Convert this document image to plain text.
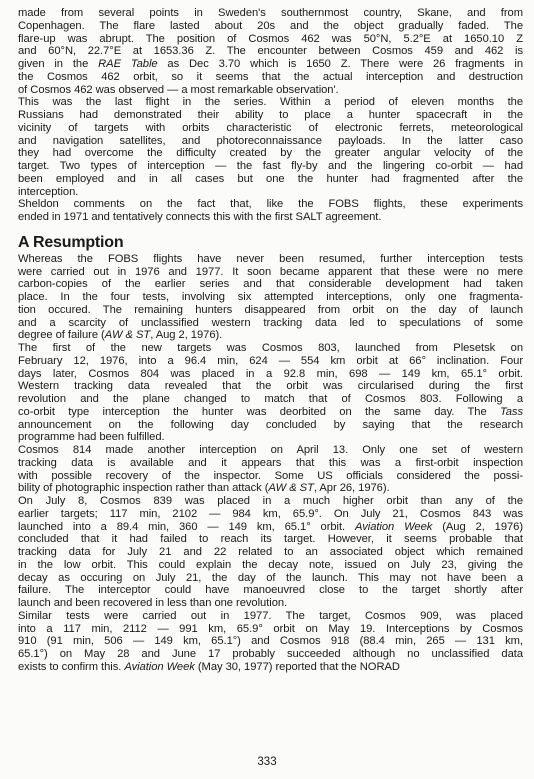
made from several points in Sweden's southernmost country, Skane, and from
Copenhagen. The flare lasted about 20s and the object gradually faded. The
flare-up was abrupt. The position of Cosmos 462 was 50°N, 5.2°E at 1650.10 Z
and 60°N, 22.7°E at 1653.36 Z. The encounter between Cosmos 459 and 462 is
given in the RAE Table as Dec 3.70 which is 1650 Z. There were 26 fragments in
the Cosmos 462 orbit, so it seems that the actual interception and destruction
of Cosmos 462 was observed — a most remarkable observation'.

This was the last flight in the series. Within a period of eleven months the
Russians had demonstrated their ability to place a hunter spacecraft in the
vicinity of targets with orbits characteristic of electronic ferrets, meteorological
and navigation satellites, and photoreconnaissance payloads. In the latter caso
they had overcome the difficulty created by the greater angular velocity of the
target. Two types of interception — the fast fly-by and the lingering co-orbit — had
been employed and in all cases but one the hunter had fragmented after the
interception.

Sheldon comments on the fact that, like the FOBS flights, these experiments
ended in 1971 and tentatively connects this with the first SALT agreement.

A Resumption

Whereas the FOBS flights have never been resumed, further interception tests
were carried out in 1976 and 1977. It soon became apparent that these were no mere
carbon-copies of the earlier series and that considerable development had taken
place. In the four tests, involving six attempted interceptions, only one fragmenta-
tion occured. The remaining hunters disappeared from orbit on the day of launch
and a scarcity of unclassified western tracking data led to speculations of some
degree of failure (AW & ST, Aug 2, 1976).

The first of the new targets was Cosmos 803, launched from Plesetsk on
February 12, 1976, into a 96.4 min, 624 — 554 km orbit at 66° inclination. Four
days later, Cosmos 804 was placed in a 92.8 min, 698 — 149 km, 65.1° orbit.
Western tracking data revealed that the orbit was circularised during the first
revolution and the plane changed to match that of Cosmos 803. Following a
co-orbit type interception the hunter was deorbited on the same day. The Tass
announcement on the following day concluded by saying that the research
programme had been fulfilled.

Cosmos 814 made another interception on April 13. Only one set of western
tracking data is available and it appears that this was a first-orbit inspection
with possible recovery of the inspector. Some US officials considered the possi-
bility of photographic inspection rather than attack (AW & ST, Apr 26, 1976).

On July 8, Cosmos 839 was placed in a much higher orbit than any of the
earlier targets; 117 min, 2102 — 984 km, 65.9°. On July 21, Cosmos 843 was
launched into a 89.4 min, 360 — 149 km, 65.1° orbit. Aviation Week (Aug 2, 1976)
concluded that it had failed to reach its target. However, it seems probable that
tracking data for July 21 and 22 related to an associated object which remained
in the low orbit. This could explain the decay note, issued on July 23, giving the
decay as occuring on July 21, the day of the launch. This may not have been a
failure. The interceptor could have manoeuvred close to the target shortly after
launch and been recovered in less than one revolution.

Similar tests were carried out in 1977. The target, Cosmos 909, was placed
into a 117 min, 2112 — 991 km, 65.9° orbit on May 19. Interceptions by Cosmos
910 (91 min, 506 — 149 km, 65.1°) and Cosmos 918 (88.4 min, 265 — 131 km,
65.1°) on May 28 and June 17 probably succeeded although no unclassified data
exists to confirm this. Aviation Week (May 30, 1977) reported that the NORAD

333
